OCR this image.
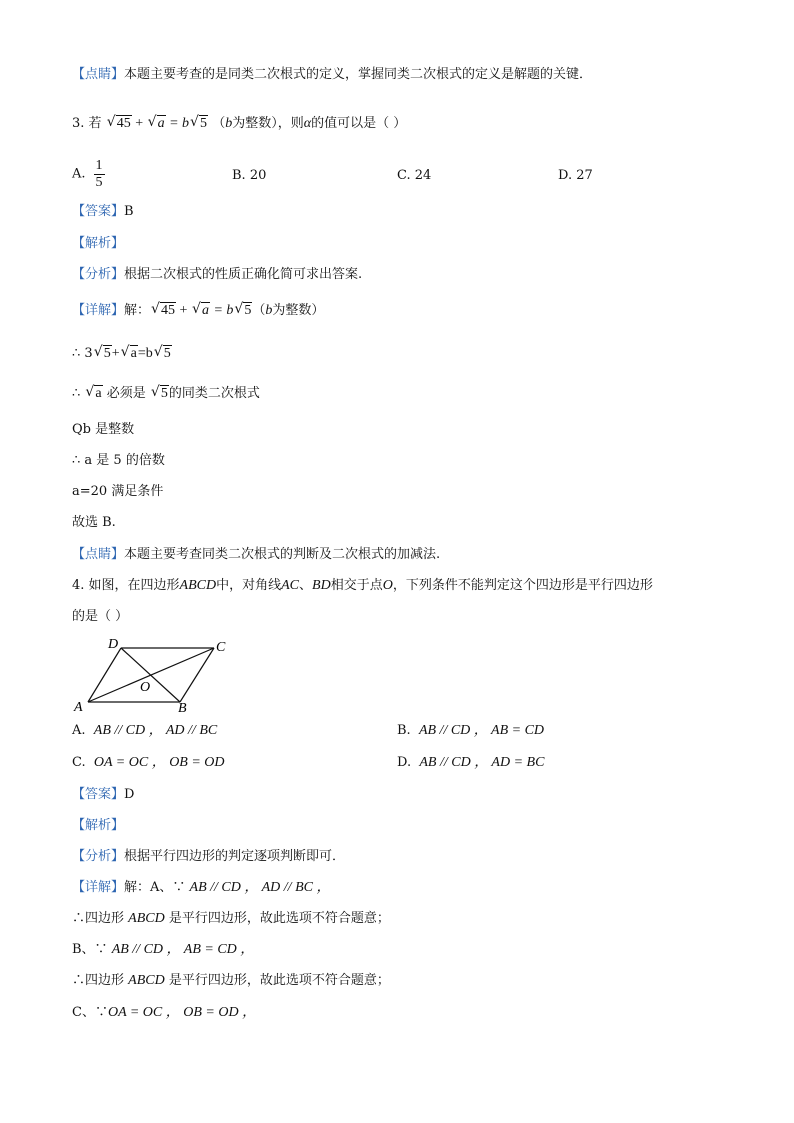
【点睛】本题主要考查的是同类二次根式的定义，掌握同类二次根式的定义是解题的关键．
3. 若 √ 45 + √ a = b √ 5 （b为整数），则α的值可以是（ ）
A. $\frac{1}{5}$	B. 20	C. 24	D. 27
【答案】B
【解析】
【分析】根据二次根式的性质正确化简可求出答案.
【详解】解： √ 45 + √ a = b √ 5（b为整数）
∴ 3 √ 5+ √ a=b √ 5
∴ √ a 必须是 √ 5的同类二次根式
Qb 是整数
∴ a 是 5 的倍数
a=20 满足条件
故选 B.
【点睛】本题主要考查同类二次根式的判断及二次根式的加减法.
4. 如图，在四边形ABCD中，对角线AC、BD相交于点O，下列条件不能判定这个四边形是平行四边形
的是（ ）
A	B
C
D
O
A. AB // CD ， AD // BC	B. AB // CD ， AB = CD
C. OA = OC ， OB = OD	D. AB // CD ， AD = BC
【答案】D
【解析】
【分析】根据平行四边形的判定逐项判断即可．
【详解】解：A、∵ AB // CD ， AD // BC ，
∴四边形 ABCD 是平行四边形，故此选项不符合题意；
B、∵ AB // CD ， AB = CD ，
∴四边形 ABCD 是平行四边形，故此选项不符合题意；
C、∵OA = OC ， OB = OD ，
